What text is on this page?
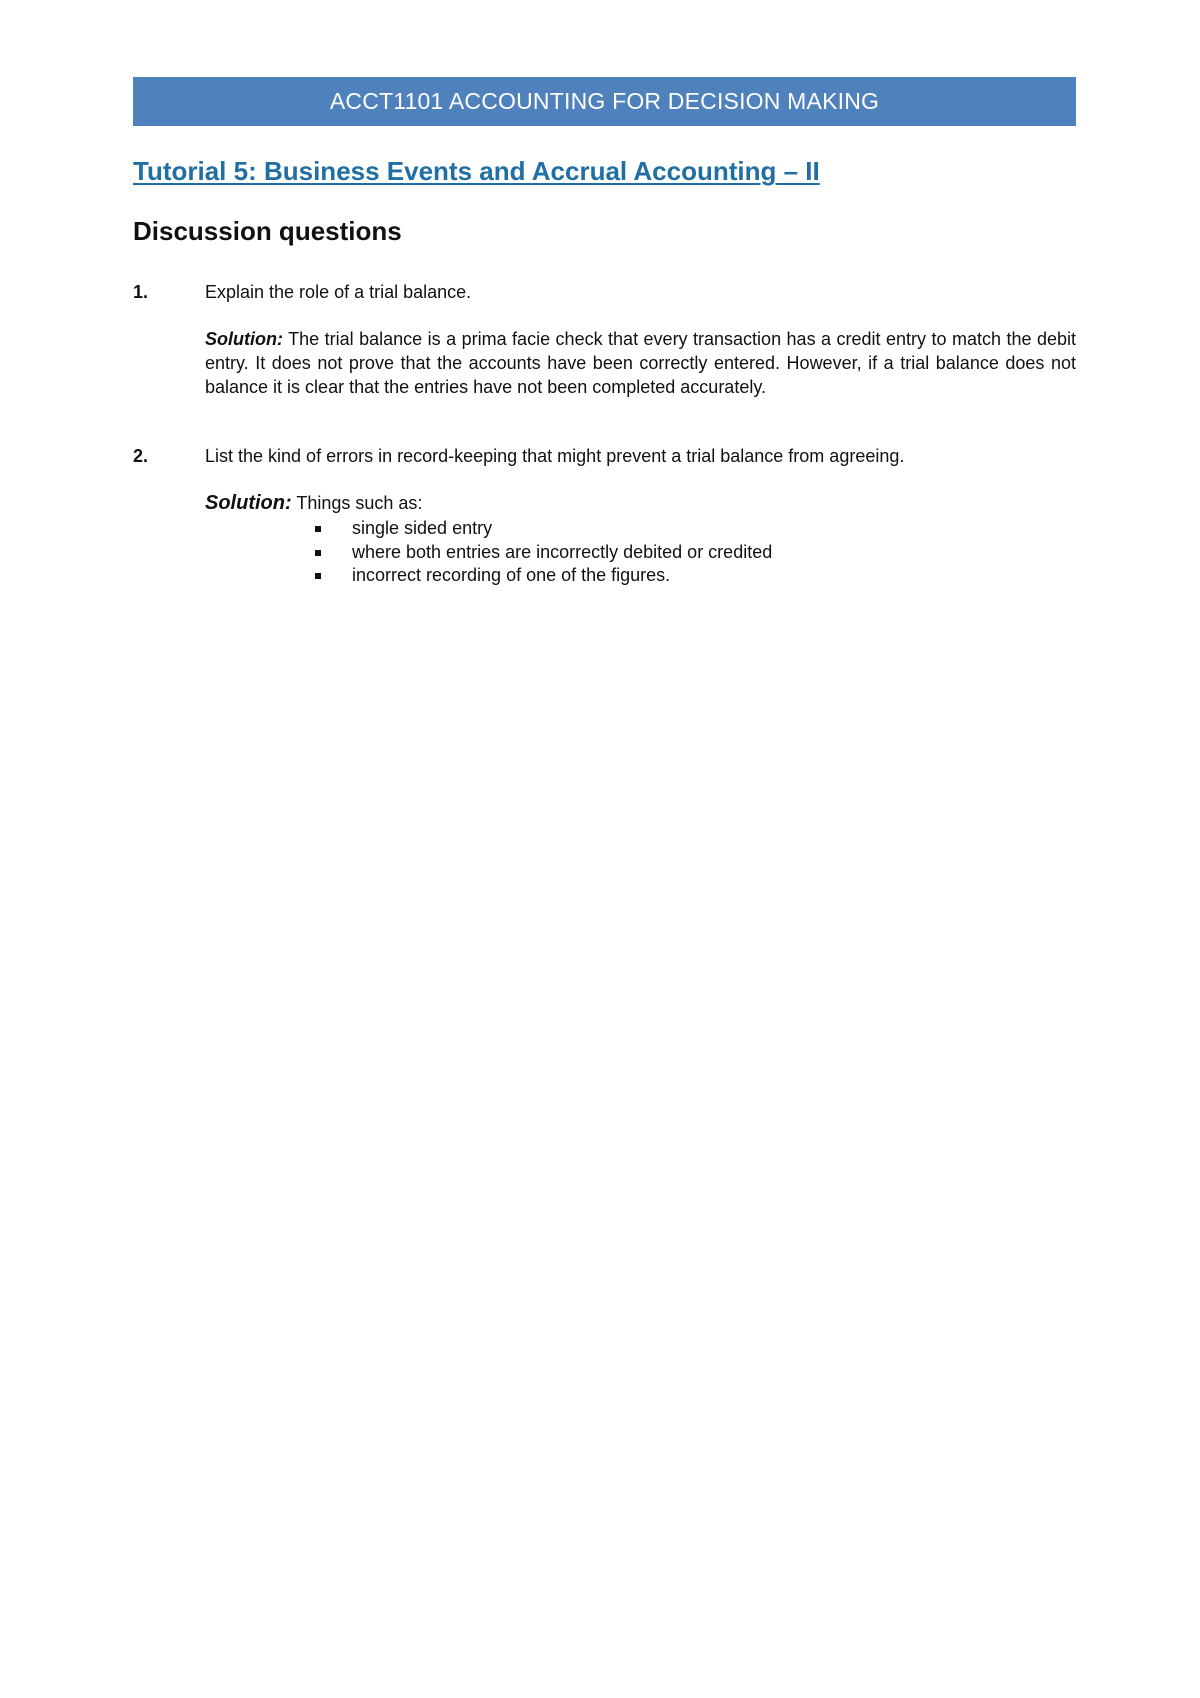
ACCT1101 ACCOUNTING FOR DECISION MAKING
Tutorial 5: Business Events and Accrual Accounting – II
Discussion questions
1.	Explain the role of a trial balance.
Solution: The trial balance is a prima facie check that every transaction has a credit entry to match the debit entry. It does not prove that the accounts have been correctly entered. However, if a trial balance does not balance it is clear that the entries have not been completed accurately.
2.	List the kind of errors in record-keeping that might prevent a trial balance from agreeing.
Solution: Things such as:
single sided entry
where both entries are incorrectly debited or credited
incorrect recording of one of the figures.
